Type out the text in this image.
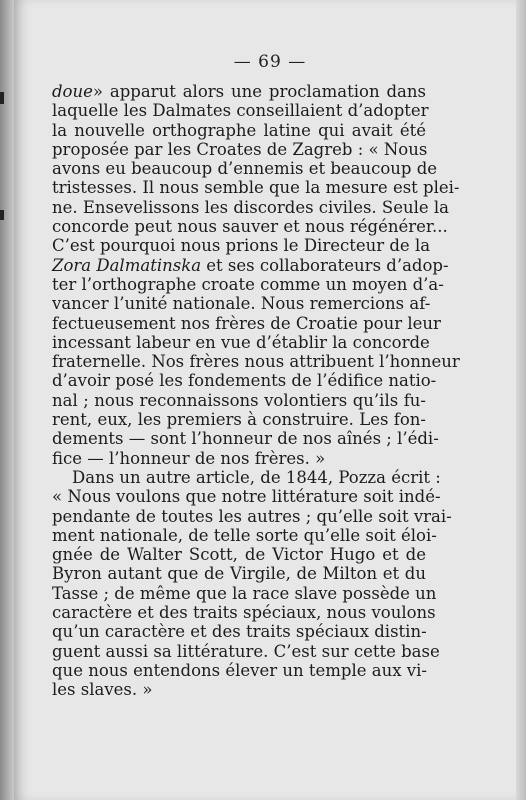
— 69 —
doue» apparut alors une proclamation dans
laquelle les Dalmates conseillaient d’adopter
la nouvelle orthographe latine qui avait été
proposée par les Croates de Zagreb : « Nous
avons eu beaucoup d’ennemis et beaucoup de
tristesses. Il nous semble que la mesure est plei-
ne. Ensevelissons les discordes civiles. Seule la
concorde peut nous sauver et nous régénérer...
C’est pourquoi nous prions le Directeur de la
Zora Dalmatinska et ses collaborateurs d’adop-
ter l’orthographe croate comme un moyen d’a-
vancer l’unité nationale. Nous remercions af-
fectueusement nos frères de Croatie pour leur
incessant labeur en vue d’établir la concorde
fraternelle. Nos frères nous attribuent l’honneur
d’avoir posé les fondements de l’édifice natio-
nal ; nous reconnaissons volontiers qu’ils fu-
rent, eux, les premiers à construire. Les fon-
dements — sont l’honneur de nos aînés ; l’édi-
fice — l’honneur de nos frères. »
Dans un autre article, de 1844, Pozza écrit :
« Nous voulons que notre littérature soit indé-
pendante de toutes les autres ; qu’elle soit vrai-
ment nationale, de telle sorte qu’elle soit éloi-
gnée de Walter Scott, de Victor Hugo et de
Byron autant que de Virgile, de Milton et du
Tasse ; de même que la race slave possède un
caractère et des traits spéciaux, nous voulons
qu’un caractère et des traits spéciaux distin-
guent aussi sa littérature. C’est sur cette base
que nous entendons élever un temple aux vi-
les slaves. »
